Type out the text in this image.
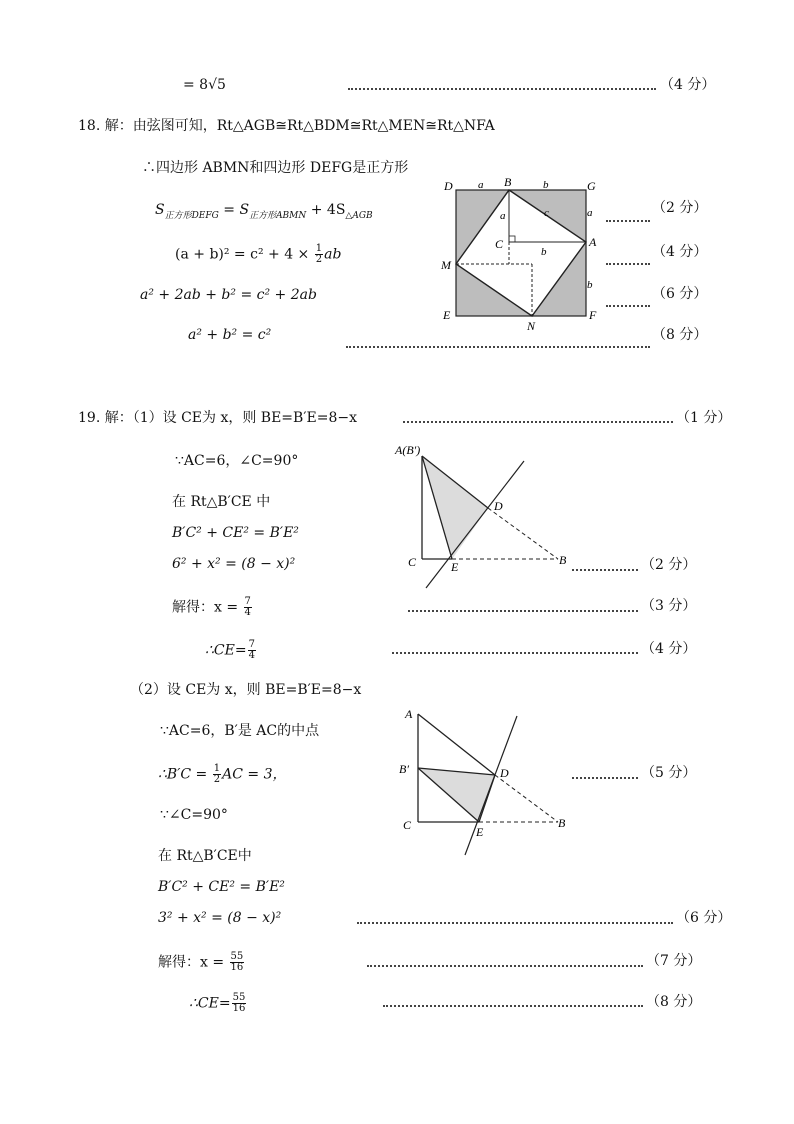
= 8√5	（4 分）
18. 解：由弦图可知，Rt△AGB≅Rt△BDM≅Rt△MEN≅Rt△NFA
∴四边形 ABMN和四边形 DEFG是正方形
$S_{正方形DEFG} = S_{正方形ABMN} + 4S_{\triangle AGB}$
$(a + b)^2 = c^2 + 4 \times \frac{1}{2}$ ab
a² + 2ab + b² = c² + 2ab
a² + b² = c²
（2 分）
（4 分）
（6 分）
（8 分）
D	B	G
A
M
E
N
F
C
a	b
a
c
a
b
b
19. 解：（1）设 CE为 x，则 BE=B′E=8−x	（1 分）
∵AC=6，∠C=90°
在 Rt△B′CE 中
B′C² + CE² = B′E²
6² + x² = (8 − x)²	（2 分）
解得：$x = \frac{7}{4}$	（3 分）
∴CE= $\frac{7}{4}$	（4 分）
A(B′)
C	E
D
B
（2）设 CE为 x，则 BE=B′E=8−x
∵AC=6，B′是 AC的中点
∴B′C = $\frac{1}{2}$ AC = 3，	（5 分）
∵∠C=90°
在 Rt△B′CE中
B′C² + CE² = B′E²
3² + x² = (8 − x)²	（6 分）
解得：$x = \frac{55}{16}$	（7 分）
∴CE= $\frac{55}{16}$	（8 分）
A
B′
C	E
D
B
